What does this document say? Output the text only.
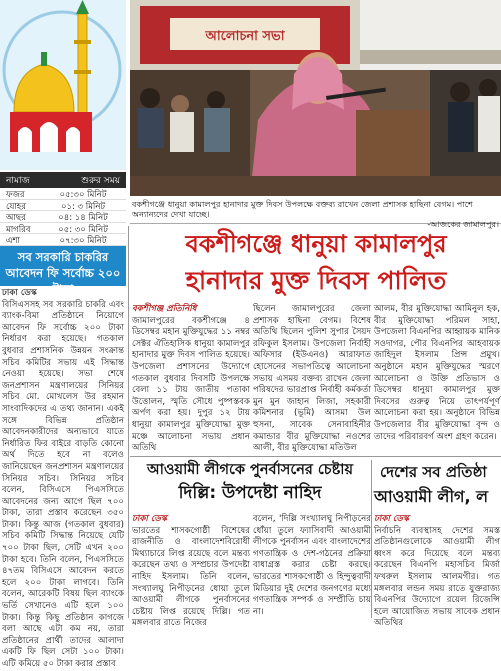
নামাজ	শুরুর সময়
ফজর	০৫:৩০ মিনিট
যোহর	০১: ৩ মিনিট
আছর	০৪: ১৪ মিনিট
মাগরিব	০৫: ৩০ মিনিট
এশা	০৭:৩০ মিনিট
সব সরকারি চাকরির আবেদন ফি সর্বোচ্চ ২০০ টাকা
ঢাকা ডেস্ক
বিসিএসসহ সব সরকারি চাকরি এবং ব্যাংক-বিমা প্রতিষ্ঠানে নিয়োগে আবেদন ফি সর্বোচ্চ ২০০ টাকা নির্ধারণ করা হয়েছে। গতকাল বুধবার প্রশাসনিক উন্নয়ন সংক্রান্ত সচিব কমিটির সভায় এই সিদ্ধান্ত নেওয়া হয়েছে। সভা শেষে জনপ্রশাসন মন্ত্রণালয়ের সিনিয়র সচিব মো. মোখলেস উর রহমান সাংবাদিকদের এ তথ্য জানান। একই সঙ্গে বিভিন্ন প্রতিষ্ঠান আবেদনকারীদের অন্যভাবে যাতে নির্ধারিত ফির বাইরে বাড়তি কোনো অর্থ দিতে হবে না বলেও জানিয়েছেন জনপ্রশাসন মন্ত্রণালয়ের সিনিয়র সচিব। সিনিয়র সচিব বলেন, বিসিএসে পিএসসিতে আবেদনের জন্য আগে ছিল ৭০০ টাকা, তারা প্রস্তাব করেছেন ৩৫০ টাকা। কিন্তু আজ (গতকাল বুধবার) সচিব কমিটি সিদ্ধান্ত নিয়েছে যেটি ৭০০ টাকা ছিল, সেটি এখন ২০০ টাকা হবে। তিনি বলেন, পিএসসিতে ৪৭তম বিসিএসে আবেদন করতে হলে ২০০ টাকা লাগবে। তিনি বলেন, আরেকটি বিষয় ছিল ব্যাংকে ভর্তি সেখানেও এটি হলে ১০০ টাকা। কিন্তু কিছু প্রতিষ্ঠান কাগজে বলা আছে এটা কম নয়, তারা প্রতিষ্ঠানের প্রার্থী তাদের আলাদা একটি ফি ছিল সেটা ১০০ টাকা। এটি কমিয়ে ৫০ টাকা করার প্রস্তাব
আলোচনা সভা
বকশীগঞ্জে ধানুয়া কামালপুর হানাদার মুক্ত দিবস উপলক্ষে বক্তব্য রাখেন জেলা প্রশাসক হাছিনা বেগম। পাশে অন্যান্যদের দেখা যাচ্ছে।
-আজকের জামালপুর।
বকশীগঞ্জে ধানুয়া কামালপুর
হানাদার মুক্ত দিবস পালিত
বকশীগঞ্জ প্রতিনিধি
জামালপুরের বকশীগঞ্জে ৪ ডিসেম্বর মহান মুক্তিযুদ্ধের ১১ নম্বর সেক্টর ঐতিহাসিক ধানুয়া কামালপুর হানাদার মুক্ত দিবস পালিত হয়েছে। উপজেলা প্রশাসনের উদ্যোগে গতকাল বুধবার দিবসটি উপলক্ষে বেলা ১১ টায় জাতীয় পতাকা উত্তোলন, স্মৃতি সৌধে পুষ্পস্তবক অর্পণ করা হয়। দুপুর ১২ টায় ধানুয়া কামালপুর মুক্তিযোদ্ধা মুক্ত মঞ্চে আলোচনা সভায় প্রধান অতিথি
ছিলেন জামালপুরের জেলা প্রশাসক হাছিনা বেগম। বিশেষ অতিথি ছিলেন পুলিশ সুপার সৈয়দ রফিকুল ইসলাম। উপজেলা নির্বাহী অফিসার (ইউএনও) আরাফাত হোসেনের সভাপতিত্বে আলোচনা সভায় এসময় বক্তব্য রাখেন জেলা পরিষদের ভারপ্রাপ্ত নির্বাহী কর্মকর্তা মুন মুন জাহান লিজা, সহকারী কমিশনার (ভূমি) আসমা উল হুসনা, সাবেক সেনাবাহিনীর কমান্ডার বীর মুক্তিযোদ্ধা নওশের আলী, বীর মুক্তিযোদ্ধা মতিউল
আলম, বীর মুক্তিযোদ্ধা আমিনুল হক, বীর মুক্তিযোদ্ধা পরিমল সাহা, উপজেলা বিএনপির আহ্বায়ক মানিক সওদাগর, পৌর বিএনপির আহবায়ক জাহিদুল ইসলাম প্রিন্স প্রমুখ। অনুষ্ঠানে মহান মুক্তিযুদ্ধের স্মরণে আলোচনা ও উক্তি প্রতিভাস ও ডিসেম্বর ধানুয়া কামালপুর মুক্ত দিবসের গুরুত্ব নিয়ে তাৎপর্যপূর্ণ আলোচনা করা হয়। অনুষ্ঠানে বিভিন্ন উপজেলার বীর মুক্তিযোদ্ধা বৃন্দ ও তাদের পরিবারবর্গ অংশ গ্রহণ করেন।
আওয়ামী লীগকে পুনর্বাসনের চেষ্টায়
দিল্লি: উপদেষ্টা নাহিদ
ঢাকা ডেস্ক
ভারতের শাসকগোষ্ঠী বিশেষের রাজনীতি ও বাংলাদেশবিরোধী মিথ্যাচারে লিপ্ত রয়েছে বলে মন্তব্য করেছেন তথ্য ও সম্প্রচার উপদেষ্টা নাহিদ ইসলাম। তিনি বলেন, সংখ্যালঘু নিপীড়নের ধোয়া তুলে আওয়ামী লীগকে পুনর্বাসনের চেষ্টায় লিপ্ত রয়েছে দিল্লি। গত মঙ্গলবার রাতে নিজের
বলেন, 'দিল্লি সংখ্যালঘু নিপীড়নের ধোঁয়া তুলে ফ্যাসিবাদী আওয়ামী লীগকে পুনর্বাসন এবং বাংলাদেশের গণতান্ত্রিক ও দেশ-গঠনের প্রক্রিয়া বাধাগ্রস্ত করার চেষ্টা করছে। ভারতের শাসকগোষ্ঠী ও হিন্দুত্ববাদী মিডিয়ার দুই দেশের জনগণের মধ্যে গণতান্ত্রিক সম্পর্ক ও সম্প্রীতি চায় না।
দেশের সব প্রতিষ্ঠা
আওয়ামী লীগ, ল
ঢাকা ডেস্ক
নির্বাচনি ব্যবস্থাসহ দেশের সমস্ত প্রতিষ্ঠানগুলোকে আওয়ামী লীগ ধ্বংস করে দিয়েছে বলে মন্তব্য করেছেন বিএনপি মহাসচিব মির্জা ফখরুল ইসলাম আলমগীর। গত মঙ্গলবার লন্ডন সময় রাতে যুক্তরাজ্য বিএনপির উদ্যোগে রয়েল রিজেন্সি হলে আয়োজিত সভায় সাবেক প্রধান অতিথির
